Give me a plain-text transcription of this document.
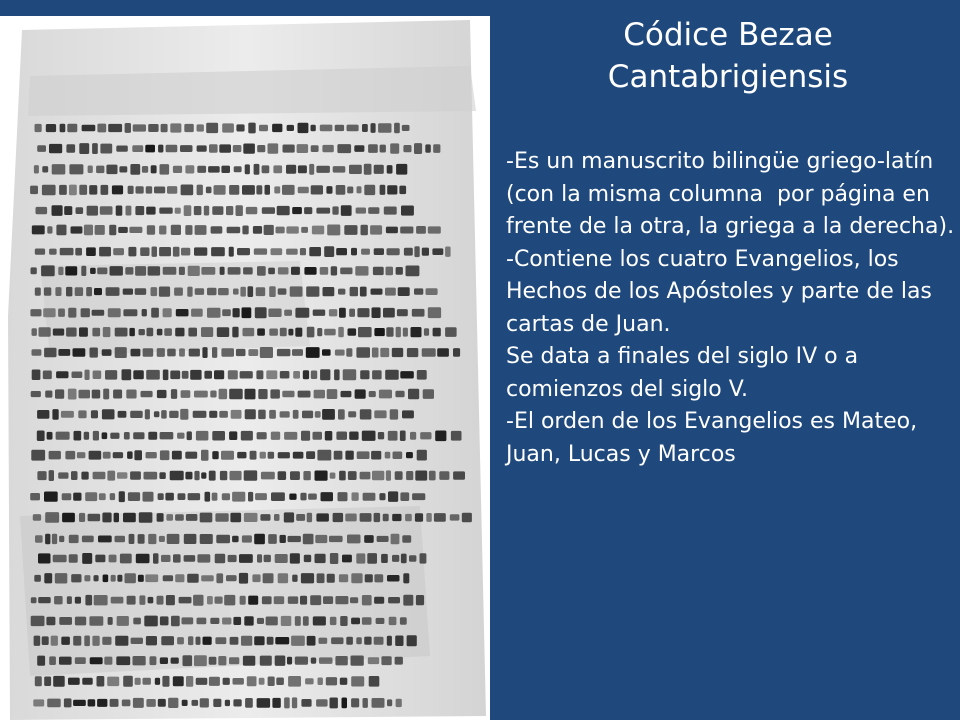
Códice Bezae
Cantabrigiensis

-Es un manuscrito bilingüe griego-latín (con la misma columna  por página en frente de la otra, la griega a la derecha).

-Contiene los cuatro Evangelios, los Hechos de los Apóstoles y parte de las cartas de Juan.

Se data a finales del siglo IV o a comienzos del siglo V.

-El orden de los Evangelios es Mateo, Juan, Lucas y Marcos
